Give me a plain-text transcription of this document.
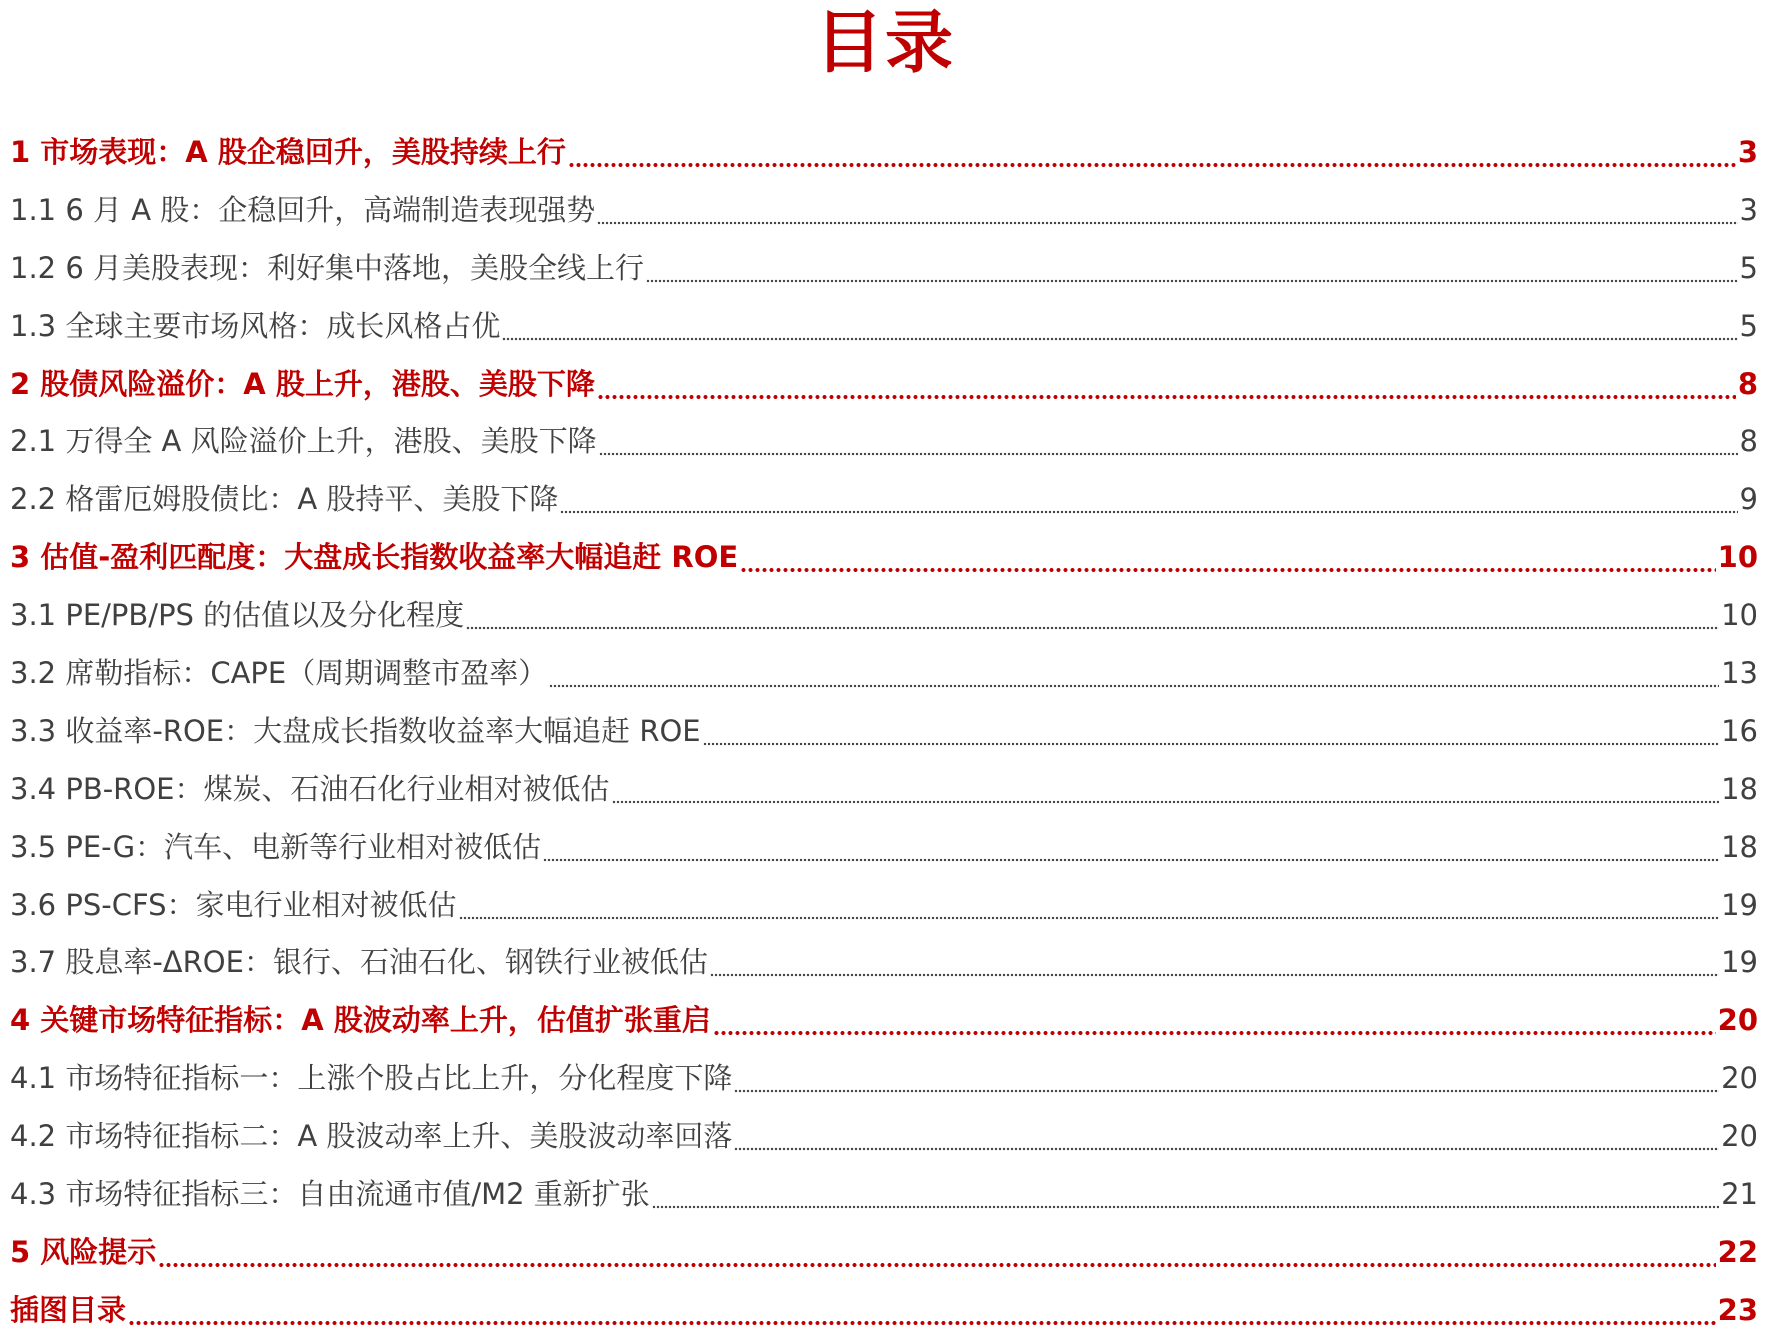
目录
1 市场表现：A 股企稳回升，美股持续上行	3
1.1 6 月 A 股：企稳回升，高端制造表现强势	3
1.2 6 月美股表现：利好集中落地，美股全线上行	5
1.3 全球主要市场风格：成长风格占优	5
2 股债风险溢价：A 股上升，港股、美股下降	8
2.1 万得全 A 风险溢价上升，港股、美股下降	8
2.2 格雷厄姆股债比：A 股持平、美股下降	9
3 估值-盈利匹配度：大盘成长指数收益率大幅追赶 ROE	10
3.1 PE/PB/PS 的估值以及分化程度	10
3.2 席勒指标：CAPE（周期调整市盈率）	13
3.3 收益率-ROE：大盘成长指数收益率大幅追赶 ROE	16
3.4 PB-ROE：煤炭、石油石化行业相对被低估	18
3.5 PE-G：汽车、电新等行业相对被低估	18
3.6 PS-CFS：家电行业相对被低估	19
3.7 股息率-ΔROE：银行、石油石化、钢铁行业被低估	19
4 关键市场特征指标：A 股波动率上升，估值扩张重启	20
4.1 市场特征指标一：上涨个股占比上升，分化程度下降	20
4.2 市场特征指标二：A 股波动率上升、美股波动率回落	20
4.3 市场特征指标三：自由流通市值/M2 重新扩张	21
5 风险提示	22
插图目录	23
